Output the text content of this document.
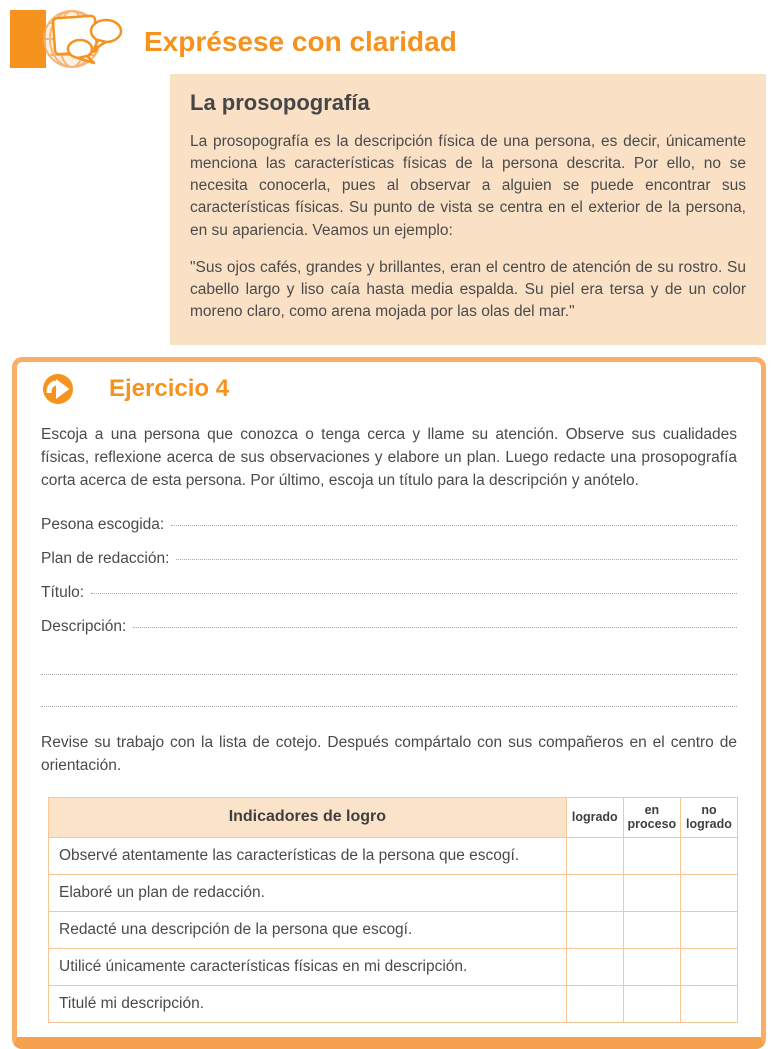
Exprésese con claridad
La prosopografía

La prosopografía es la descripción física de una persona, es decir, únicamente menciona las características físicas de la persona descrita. Por ello, no se necesita conocerla, pues al observar a alguien se puede encontrar sus características físicas. Su punto de vista se centra en el exterior de la persona, en su apariencia. Veamos un ejemplo:

"Sus ojos cafés, grandes y brillantes, eran el centro de atención de su rostro. Su cabello largo y liso caía hasta media espalda. Su piel era tersa y de un color moreno claro, como arena mojada por las olas del mar."

Ejercicio 4

Escoja a una persona que conozca o tenga cerca y llame su atención. Observe sus cualidades físicas, reflexione acerca de sus observaciones y elabore un plan. Luego redacte una prosopografía corta acerca de esta persona. Por último, escoja un título para la descripción y anótelo.

Pesona escogida:
Plan de redacción:
Título:
Descripción:

Revise su trabajo con la lista de cotejo. Después compártalo con sus compañeros en el centro de orientación.

Indicadores de logro	logrado	en proceso	no logrado
Observé atentamente las características de la persona que escogí.			
Elaboré un plan de redacción.			
Redacté una descripción de la persona que escogí.			
Utilicé únicamente características físicas en mi descripción.			
Titulé mi descripción.			
